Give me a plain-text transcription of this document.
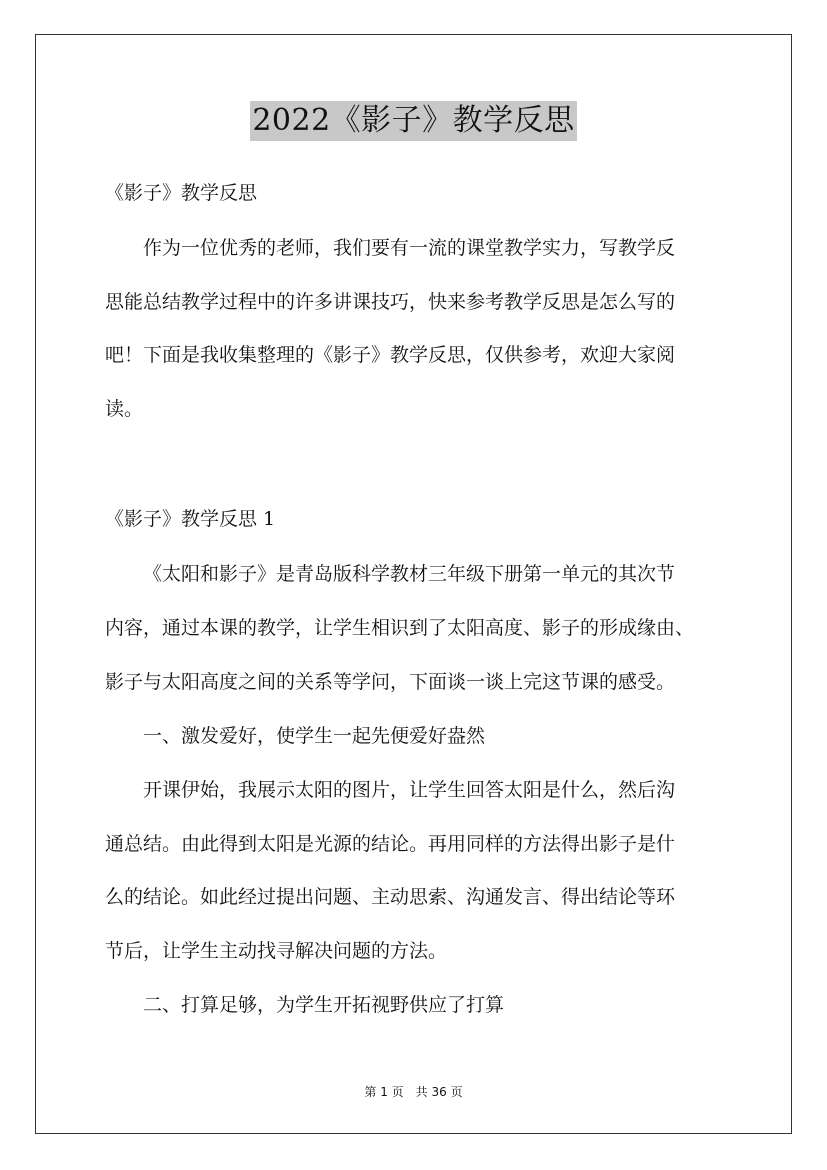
2022《影子》教学反思
《影子》教学反思
作为一位优秀的老师，我们要有一流的课堂教学实力，写教学反
思能总结教学过程中的许多讲课技巧，快来参考教学反思是怎么写的
吧！下面是我收集整理的《影子》教学反思，仅供参考，欢迎大家阅
读。
《影子》教学反思 1
《太阳和影子》是青岛版科学教材三年级下册第一单元的其次节
内容，通过本课的教学，让学生相识到了太阳高度、影子的形成缘由、
影子与太阳高度之间的关系等学问，下面谈一谈上完这节课的感受。
一、激发爱好，使学生一起先便爱好盎然
开课伊始，我展示太阳的图片，让学生回答太阳是什么，然后沟
通总结。由此得到太阳是光源的结论。再用同样的方法得出影子是什
么的结论。如此经过提出问题、主动思索、沟通发言、得出结论等环
节后，让学生主动找寻解决问题的方法。
二、打算足够，为学生开拓视野供应了打算
第 1 页　共 36 页
